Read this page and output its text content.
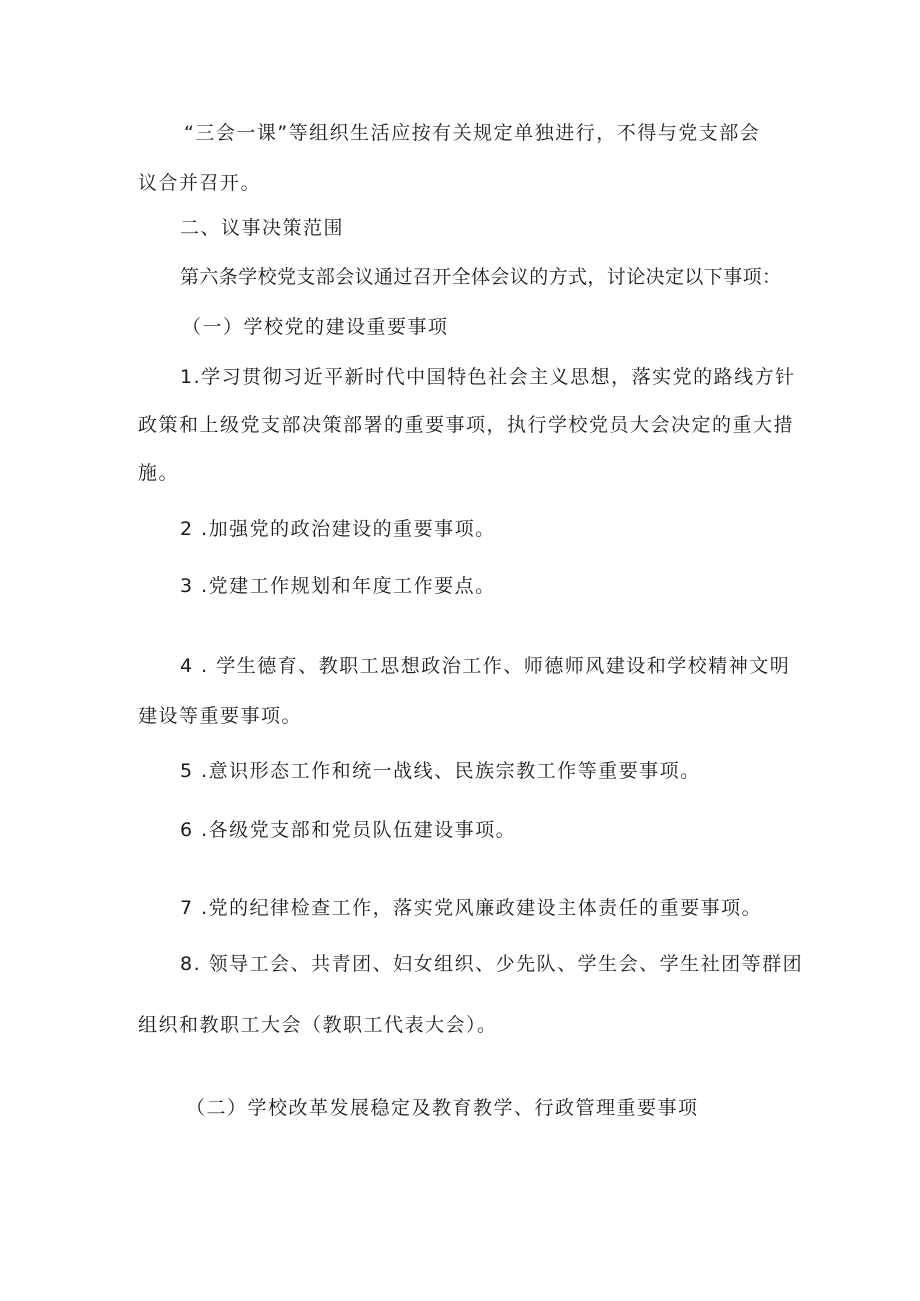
“三会一课”等组织生活应按有关规定单独进行，不得与党支部会
议合并召开。
二、议事决策范围
第六条学校党支部会议通过召开全体会议的方式，讨论决定以下事项：
（一）学校党的建设重要事项
1.学习贯彻习近平新时代中国特色社会主义思想，落实党的路线方针
政策和上级党支部决策部署的重要事项，执行学校党员大会决定的重大措
施。
2 .加强党的政治建设的重要事项。
3 .党建工作规划和年度工作要点。
4 . 学生德育、教职工思想政治工作、师德师风建设和学校精神文明
建设等重要事项。
5 .意识形态工作和统一战线、民族宗教工作等重要事项。
6 .各级党支部和党员队伍建设事项。
7 .党的纪律检查工作，落实党风廉政建设主体责任的重要事项。
8. 领导工会、共青团、妇女组织、少先队、学生会、学生社团等群团
组织和教职工大会（教职工代表大会）。
（二）学校改革发展稳定及教育教学、行政管理重要事项
